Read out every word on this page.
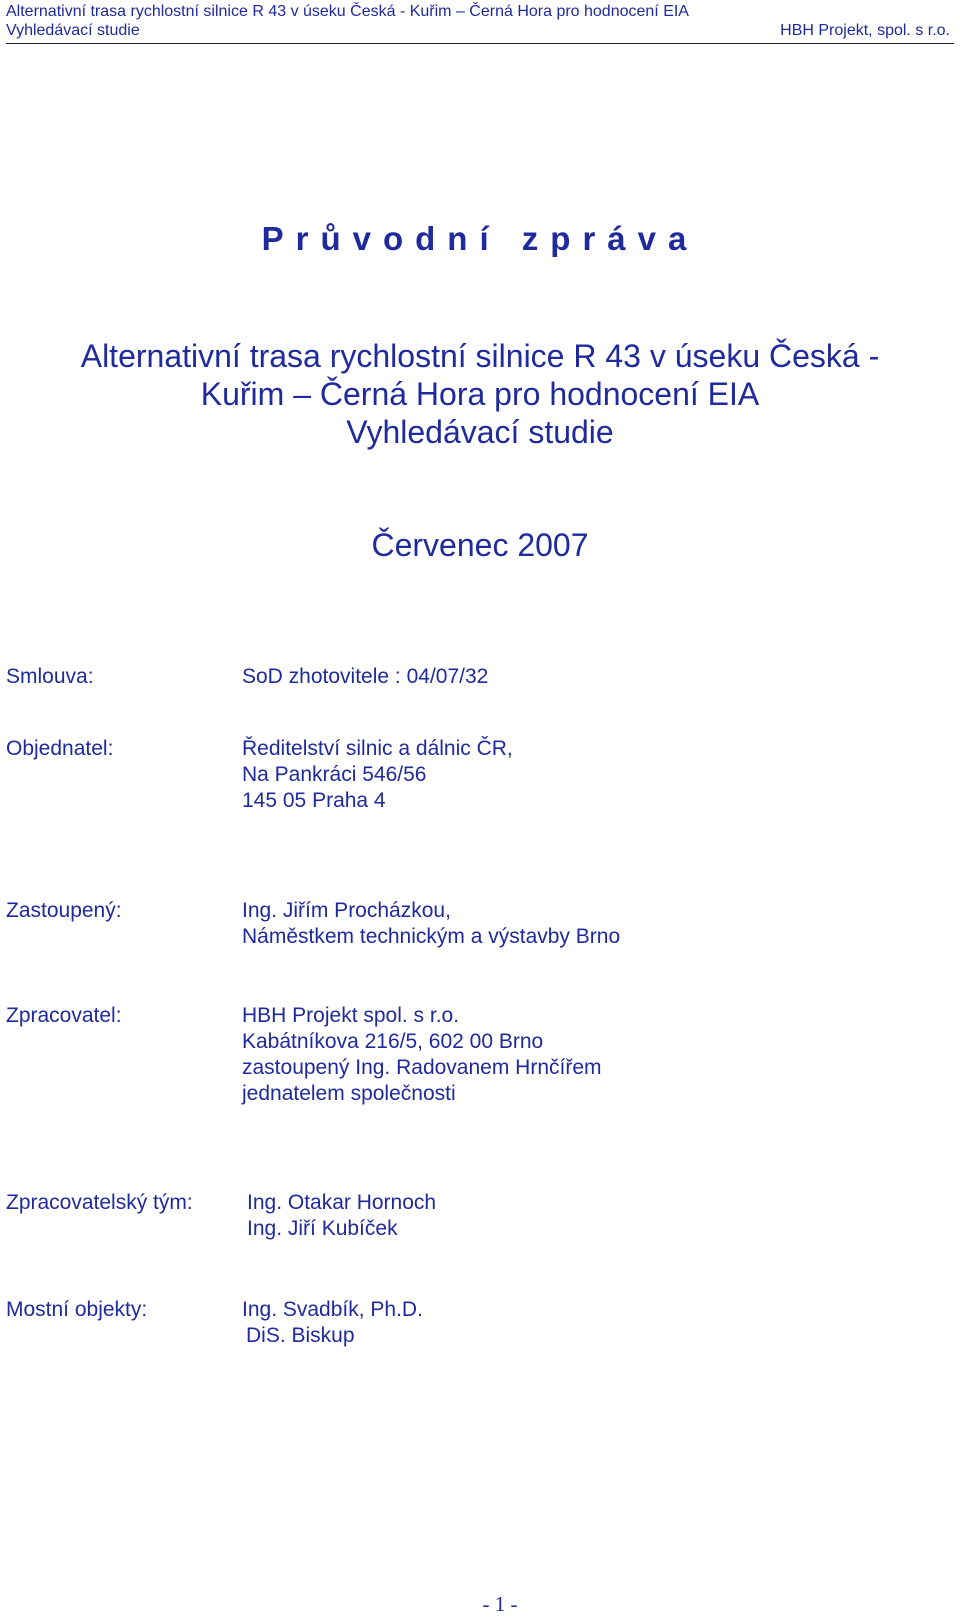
Alternativní trasa rychlostní silnice R 43 v úseku Česká - Kuřim – Černá Hora pro hodnocení EIA
Vyhledávací studie	HBH Projekt, spol. s r.o.
Průvodní zpráva
Alternativní trasa rychlostní silnice R 43 v úseku Česká -
Kuřim – Černá Hora pro hodnocení EIA
Vyhledávací studie
Červenec 2007
Smlouva:	SoD zhotovitele : 04/07/32
Objednatel:	Ředitelství silnic a dálnic ČR,
Na Pankráci 546/56
145 05 Praha 4
Zastoupený:	Ing. Jiřím Procházkou,
Náměstkem technickým a výstavby Brno
Zpracovatel:	HBH Projekt spol. s r.o.
Kabátníkova 216/5, 602 00 Brno
zastoupený Ing. Radovanem Hrnčířem
jednatelem společnosti
Zpracovatelský tým:	Ing. Otakar Hornoch
Ing. Jiří Kubíček
Mostní objekty:	Ing. Svadbík, Ph.D.
DiS. Biskup
- 1 -
